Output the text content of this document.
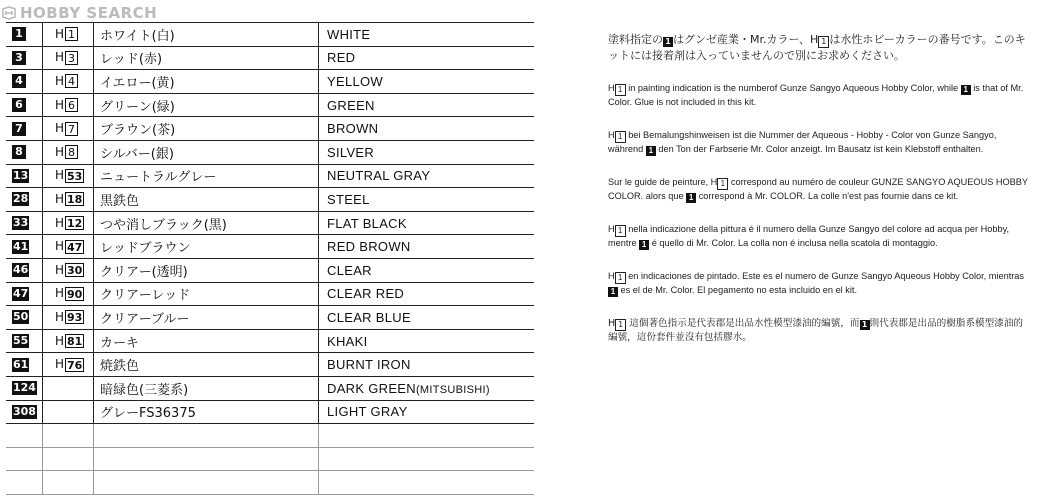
HOBBY SEARCH
1	H 1	ホワイト(白)	WHITE
3	H 3	レッド(赤)	RED
4	H 4	イエロー(黄)	YELLOW
6	H 6	グリーン(緑)	GREEN
7	H 7	ブラウン(茶)	BROWN
8	H 8	シルバー(銀)	SILVER
13	H 53	ニュートラルグレー	NEUTRAL GRAY
28	H 18	黒鉄色	STEEL
33	H 12	つや消しブラック(黒)	FLAT BLACK
41	H 47	レッドブラウン	RED BROWN
46	H 30	クリアー(透明)	CLEAR
47	H 90	クリアーレッド	CLEAR RED
50	H 93	クリアーブルー	CLEAR BLUE
55	H 81	カーキ	KHAKI
61	H 76	焼鉄色	BURNT IRON
124		暗緑色(三菱系)	DARK GREEN(MITSUBISHI)
308		グレーFS36375	LIGHT GRAY

塗料指定の 1 はグンゼ産業・Mr.カラー、H 1 は水性ホビーカラーの番号です。このキットには接着剤は入っていませんので別にお求めください。

H 1 in painting indication is the numberof Gunze Sangyo Aqueous Hobby Color, while 1 is that of Mr. Color. Glue is not included in this kit.

H 1 bei Bemalungshinweisen ist die Nummer der Aqueous - Hobby - Color von Gunze Sangyo, während 1 den Ton der Farbserie Mr. Color anzeigt. Im Bausatz ist kein Klebstoff enthalten.

Sur le guide de peinture, H 1 correspond au numéro de couleur GUNZE SANGYO AQUEOUS HOBBY COLOR. alors que 1 correspond à Mr. COLOR. La colle n'est pas fournie dans ce kit.

H 1 nella indicazione della pittura é il numero della Gunze Sangyo del colore ad acqua per Hobby, mentre 1 é quello di Mr. Color. La colla non é inclusa nella scatola di montaggio.

H 1 en indicaciones de pintado. Este es el numero de Gunze Sangyo Aqueous Hobby Color, mientras 1 es el de Mr. Color. El pegamento no esta incluido en el kit.

H 1 這個著色指示是代表郡是出品水性模型漆油的編號，而 1 則代表郡是出品的樹脂系模型漆油的編號，這份套件並沒有包括膠水。
